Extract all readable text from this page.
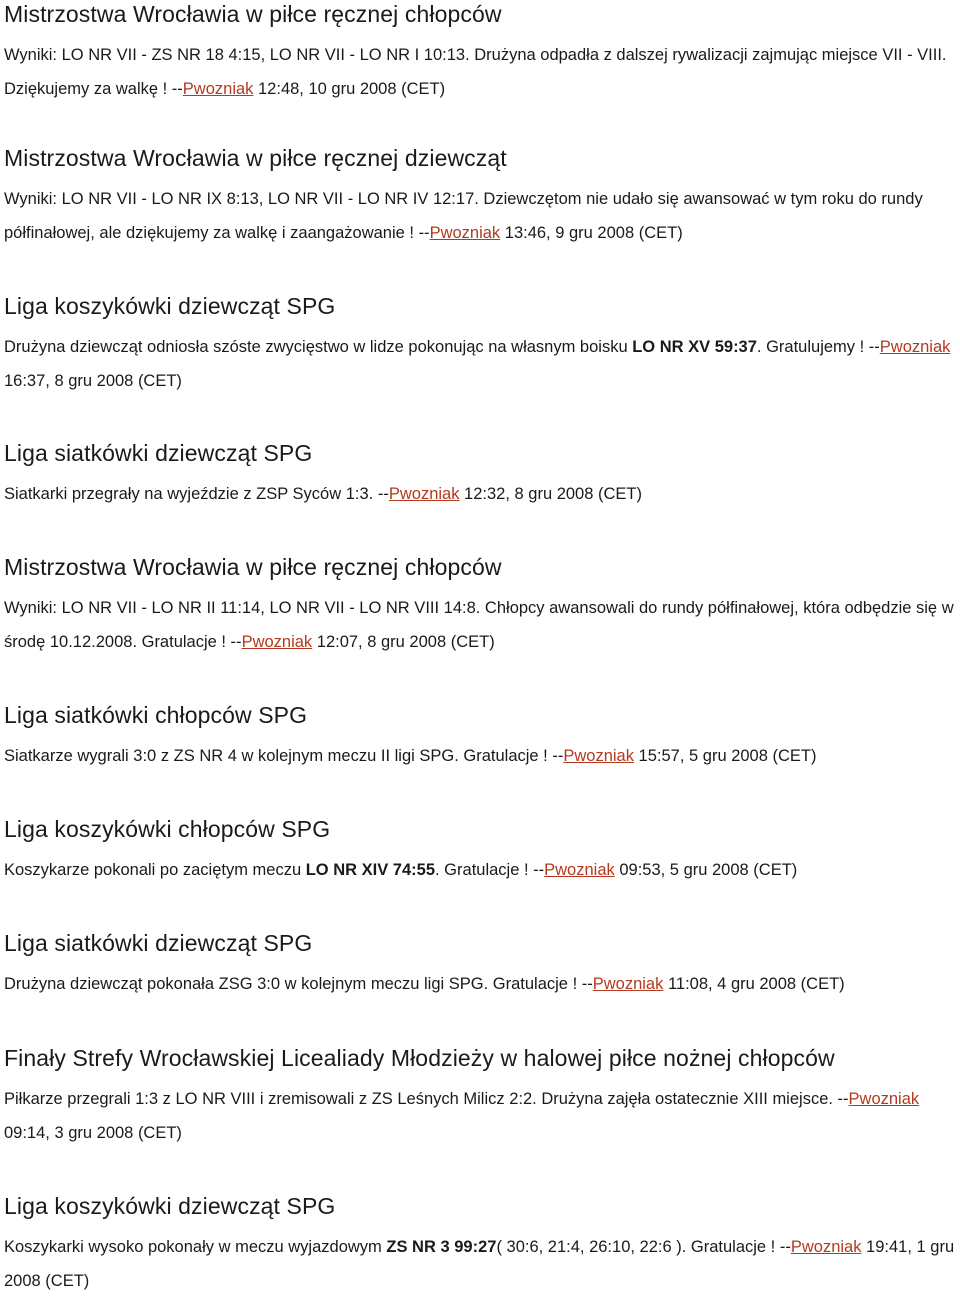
Mistrzostwa Wrocławia w piłce ręcznej chłopców

Wyniki: LO NR VII - ZS NR 18 4:15, LO NR VII - LO NR I 10:13. Drużyna odpadła z dalszej rywalizacji zajmując miejsce VII - VIII. Dziękujemy za walkę ! --Pwozniak 12:48, 10 gru 2008 (CET)

Mistrzostwa Wrocławia w piłce ręcznej dziewcząt

Wyniki: LO NR VII - LO NR IX 8:13, LO NR VII - LO NR IV 12:17. Dziewczętom nie udało się awansować w tym roku do rundy półfinałowej, ale dziękujemy za walkę i zaangażowanie ! --Pwozniak 13:46, 9 gru 2008 (CET)

Liga koszykówki dziewcząt SPG

Drużyna dziewcząt odniosła szóste zwycięstwo w lidze pokonując na własnym boisku LO NR XV 59:37. Gratulujemy ! --Pwozniak 16:37, 8 gru 2008 (CET)

Liga siatkówki dziewcząt SPG

Siatkarki przegrały na wyjeździe z ZSP Syców 1:3. --Pwozniak 12:32, 8 gru 2008 (CET)

Mistrzostwa Wrocławia w piłce ręcznej chłopców

Wyniki: LO NR VII - LO NR II 11:14, LO NR VII - LO NR VIII 14:8. Chłopcy awansowali do rundy półfinałowej, która odbędzie się w środę 10.12.2008. Gratulacje ! --Pwozniak 12:07, 8 gru 2008 (CET)

Liga siatkówki chłopców SPG

Siatkarze wygrali 3:0 z ZS NR 4 w kolejnym meczu II ligi SPG. Gratulacje ! --Pwozniak 15:57, 5 gru 2008 (CET)

Liga koszykówki chłopców SPG

Koszykarze pokonali po zaciętym meczu LO NR XIV 74:55. Gratulacje ! --Pwozniak 09:53, 5 gru 2008 (CET)

Liga siatkówki dziewcząt SPG

Drużyna dziewcząt pokonała ZSG 3:0 w kolejnym meczu ligi SPG. Gratulacje ! --Pwozniak 11:08, 4 gru 2008 (CET)

Finały Strefy Wrocławskiej Licealiady Młodzieży w halowej piłce nożnej chłopców

Piłkarze przegrali 1:3 z LO NR VIII i zremisowali z ZS Leśnych Milicz 2:2. Drużyna zajęła ostatecznie XIII miejsce. --Pwozniak 09:14, 3 gru 2008 (CET)

Liga koszykówki dziewcząt SPG

Koszykarki wysoko pokonały w meczu wyjazdowym ZS NR 3 99:27( 30:6, 21:4, 26:10, 22:6 ). Gratulacje ! --Pwozniak 19:41, 1 gru 2008 (CET)
